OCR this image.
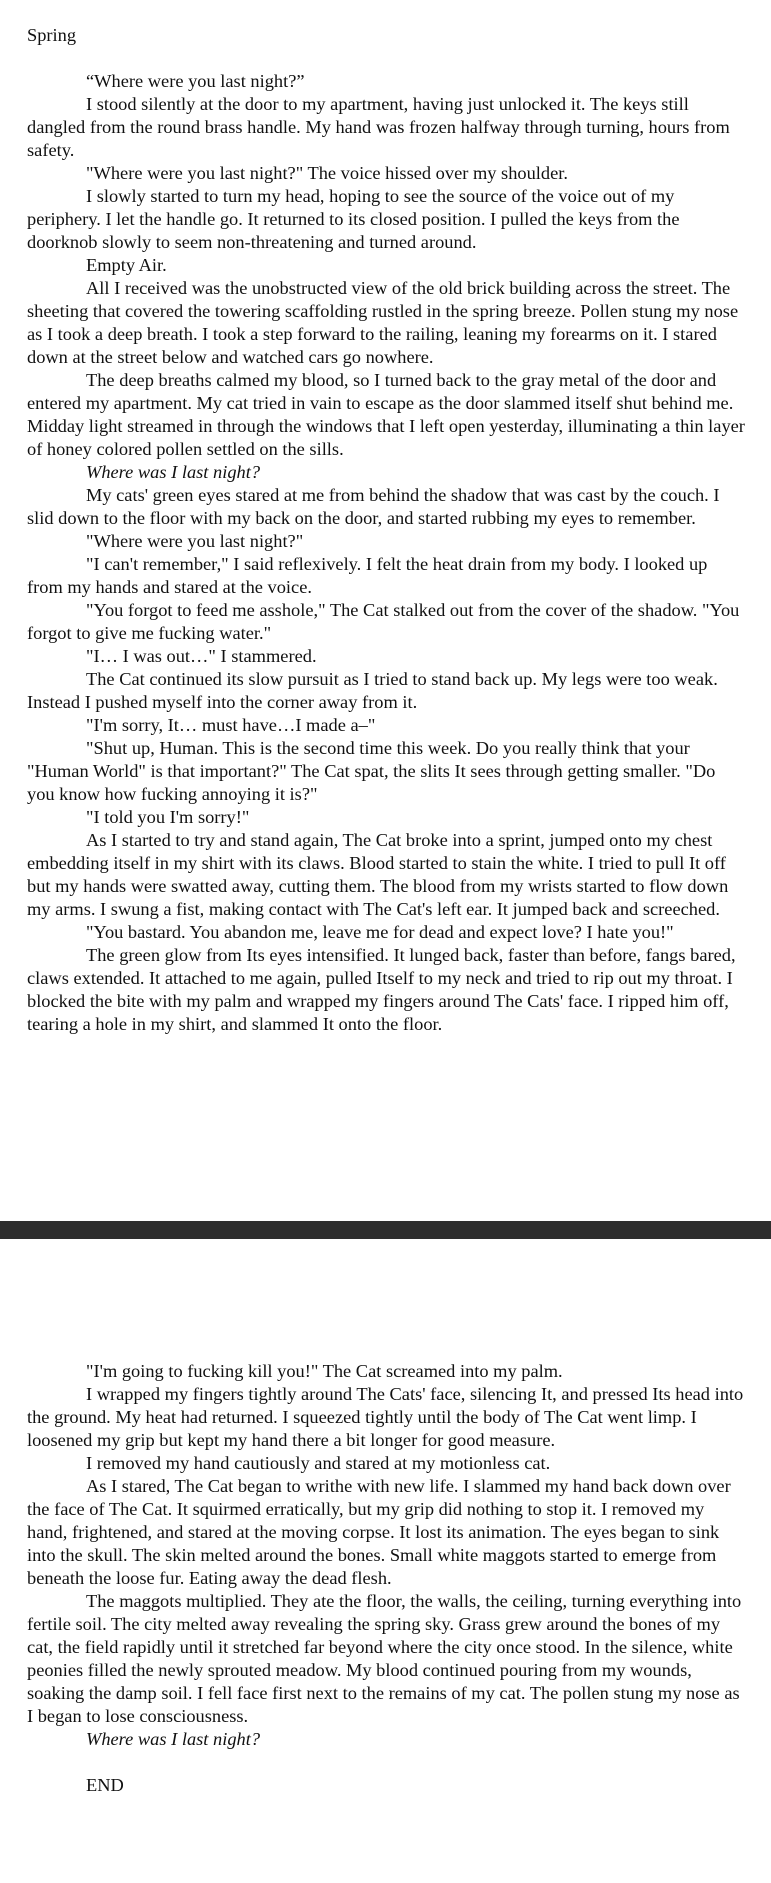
Spring

“Where were you last night?”

I stood silently at the door to my apartment, having just unlocked it. The keys still dangled from the round brass handle. My hand was frozen halfway through turning, hours from safety.

"Where were you last night?" The voice hissed over my shoulder.

I slowly started to turn my head, hoping to see the source of the voice out of my periphery. I let the handle go. It returned to its closed position. I pulled the keys from the doorknob slowly to seem non-threatening and turned around.

Empty Air.

All I received was the unobstructed view of the old brick building across the street. The sheeting that covered the towering scaffolding rustled in the spring breeze. Pollen stung my nose as I took a deep breath. I took a step forward to the railing, leaning my forearms on it. I stared down at the street below and watched cars go nowhere.

The deep breaths calmed my blood, so I turned back to the gray metal of the door and entered my apartment. My cat tried in vain to escape as the door slammed itself shut behind me. Midday light streamed in through the windows that I left open yesterday, illuminating a thin layer of honey colored pollen settled on the sills.

Where was I last night?

My cats' green eyes stared at me from behind the shadow that was cast by the couch. I slid down to the floor with my back on the door, and started rubbing my eyes to remember.

"Where were you last night?"

"I can't remember," I said reflexively. I felt the heat drain from my body. I looked up from my hands and stared at the voice.

"You forgot to feed me asshole," The Cat stalked out from the cover of the shadow. "You forgot to give me fucking water."

"I… I was out…" I stammered.

The Cat continued its slow pursuit as I tried to stand back up. My legs were too weak. Instead I pushed myself into the corner away from it.

"I'm sorry, It… must have…I made a–"

"Shut up, Human. This is the second time this week. Do you really think that your "Human World" is that important?" The Cat spat, the slits It sees through getting smaller. "Do you know how fucking annoying it is?"

"I told you I'm sorry!"

As I started to try and stand again, The Cat broke into a sprint, jumped onto my chest embedding itself in my shirt with its claws. Blood started to stain the white. I tried to pull It off but my hands were swatted away, cutting them. The blood from my wrists started to flow down my arms. I swung a fist, making contact with The Cat's left ear. It jumped back and screeched.

"You bastard. You abandon me, leave me for dead and expect love? I hate you!"

The green glow from Its eyes intensified. It lunged back, faster than before, fangs bared, claws extended. It attached to me again, pulled Itself to my neck and tried to rip out my throat. I blocked the bite with my palm and wrapped my fingers around The Cats' face. I ripped him off, tearing a hole in my shirt, and slammed It onto the floor.

"I'm going to fucking kill you!" The Cat screamed into my palm.

I wrapped my fingers tightly around The Cats' face, silencing It, and pressed Its head into the ground. My heat had returned. I squeezed tightly until the body of The Cat went limp. I loosened my grip but kept my hand there a bit longer for good measure.

I removed my hand cautiously and stared at my motionless cat.

As I stared, The Cat began to writhe with new life. I slammed my hand back down over the face of The Cat. It squirmed erratically, but my grip did nothing to stop it. I removed my hand, frightened, and stared at the moving corpse. It lost its animation. The eyes began to sink into the skull. The skin melted around the bones. Small white maggots started to emerge from beneath the loose fur. Eating away the dead flesh.

The maggots multiplied. They ate the floor, the walls, the ceiling, turning everything into fertile soil. The city melted away revealing the spring sky. Grass grew around the bones of my cat, the field rapidly until it stretched far beyond where the city once stood. In the silence, white peonies filled the newly sprouted meadow. My blood continued pouring from my wounds, soaking the damp soil. I fell face first next to the remains of my cat. The pollen stung my nose as I began to lose consciousness.

Where was I last night?

END
